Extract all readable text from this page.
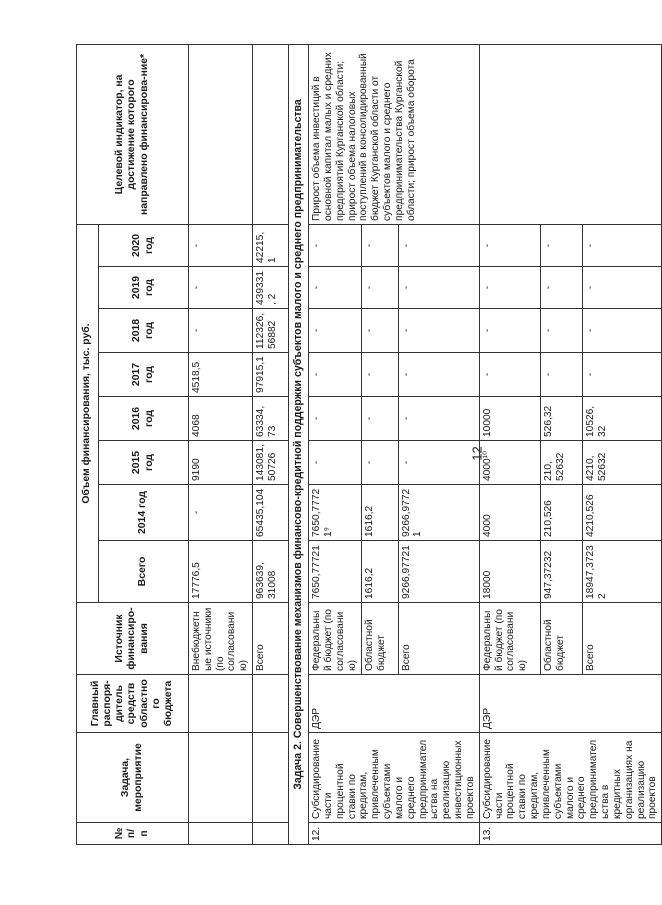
12
№ п/п	Задача, мероприятие	Главный распоря-дитель средств областного бюджета	Источник финансиро-вания	Объем финансирования, тыс. руб.								Целевой индикатор, на достижение которого направлено финансирова-ние*
				Всего	2014 год	2015 год	2016 год	2017 год	2018 год	2019 год	2020 год	
			Внебюджетные источники (по согласованию)	17776,5	-	9190	4068	4518,5	-	-	-	
			Всего	963639, 31008	65435,104	143081, 50726	63334, 73	97915,1	112326, 56882	439331, 2	42215, 1	
Задача 2. Совершенствование механизмов финансово-кредитной поддержки субъектов малого и среднего предпринимательства												
12.	Субсидирование части процентной ставки по кредитам, привлеченным субъектами малого и среднего предпринимательства на реализацию инвестиционных проектов	ДЭР	Федеральный бюджет (по согласованию)	7650,77721	7650,77721⁹	-	-	-	-	-	-	Прирост объема инвестиций в основной капитал малых и средних предприятий Курганской области; прирост объема налоговых поступлений в консолидированный бюджет Курганской области от субъектов малого и среднего предпринимательства Курганской области; прирост объема оборота
			Областной бюджет	1616,2	1616,2	-	-	-	-	-	-	
			Всего	9266,97721	9266,97721	-	-	-	-	-	-	
13.	Субсидирование части процентной ставки по кредитам, привлеченным субъектами малого и среднего предпринимательства в кредитных организациях на реализацию проектов	ДЭР	Федеральный бюджет (по согласованию)	18000	4000	4000¹⁰	10000	-	-	-	-	
			Областной бюджет	947,37232	210,526	210, 52632	526,32	-	-	-	-	
			Всего	18947,37232	4210,526	4210, 52632	10526, 32	-	-	-	-	
